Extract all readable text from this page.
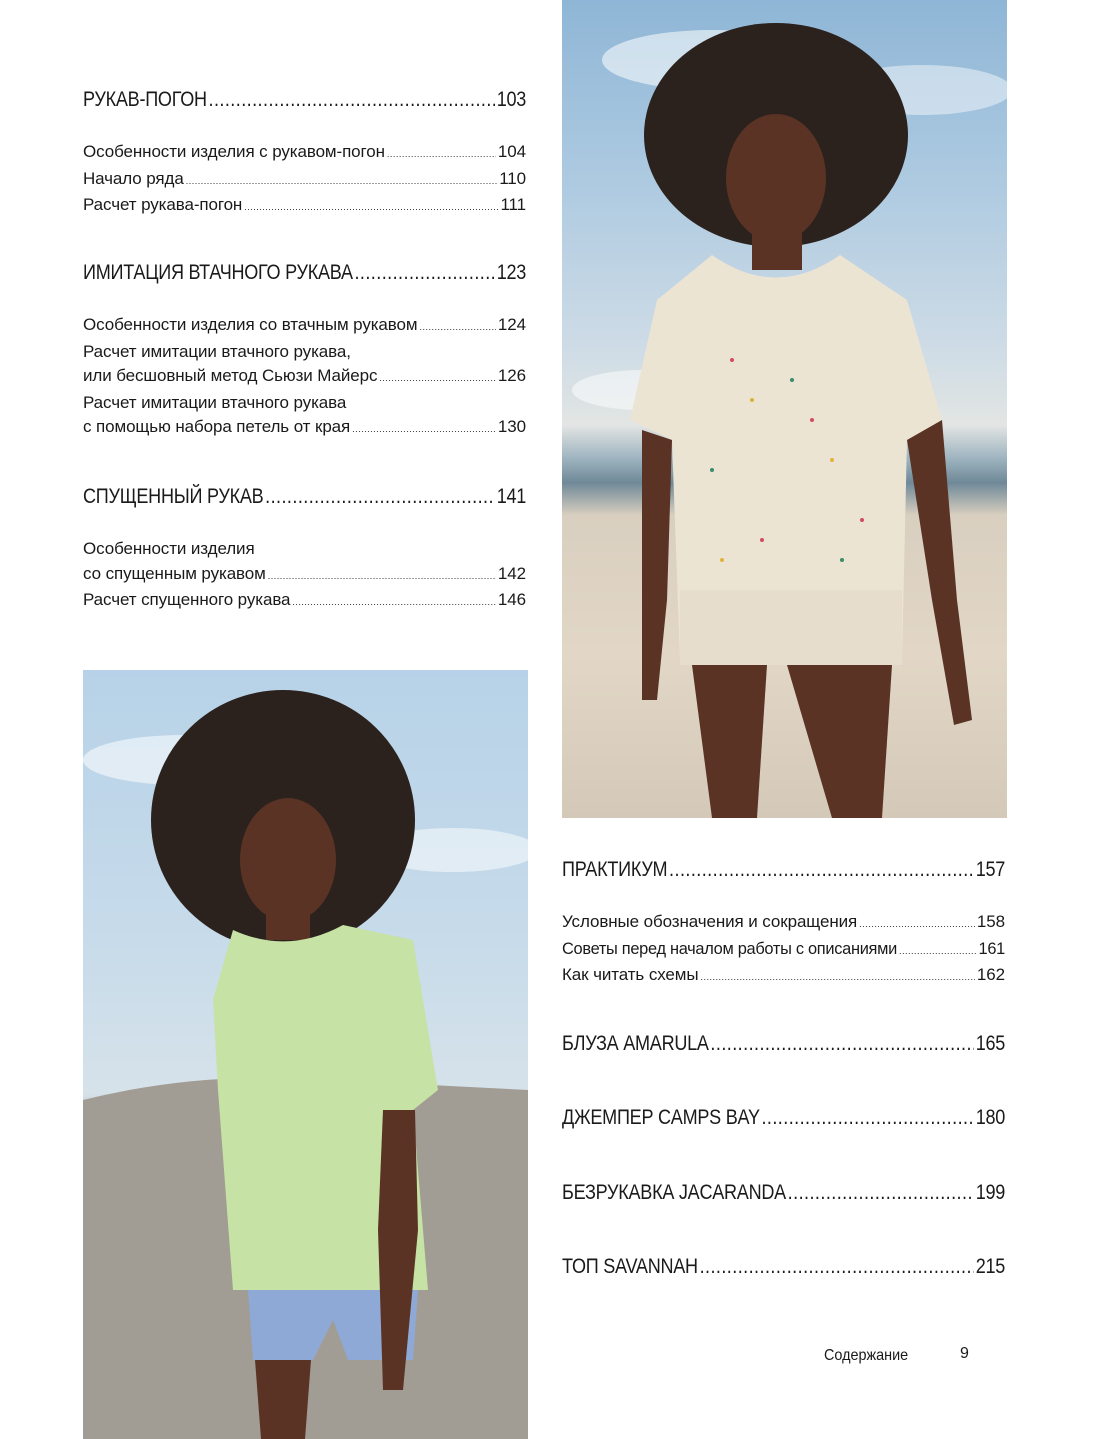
РУКАВ-ПОГОН .....	103
Особенности изделия с рукавом-погон .....	104
Начало ряда .....	110
Расчет рукава-погон .....	111
ИМИТАЦИЯ ВТАЧНОГО РУКАВА .....	123
Особенности изделия со втачным рукавом .....	124
Расчет имитации втачного рукава,
или бесшовный метод Сьюзи Майерс .....	126
Расчет имитации втачного рукава
с помощью набора петель от края .....	130
СПУЩЕННЫЙ РУКАВ .....	141
Особенности изделия
со спущенным рукавом .....	142
Расчет спущенного рукава .....	146
ПРАКТИКУМ .....	157
Условные обозначения и сокращения .....	158
Советы перед началом работы с описаниями .....	161
Как читать схемы .....	162
БЛУЗА AMARULA .....	165
ДЖЕМПЕР CAMPS BAY .....	180
БЕЗРУКАВКА JACARANDA .....	199
ТОП SAVANNAH .....	215
Содержание	9
